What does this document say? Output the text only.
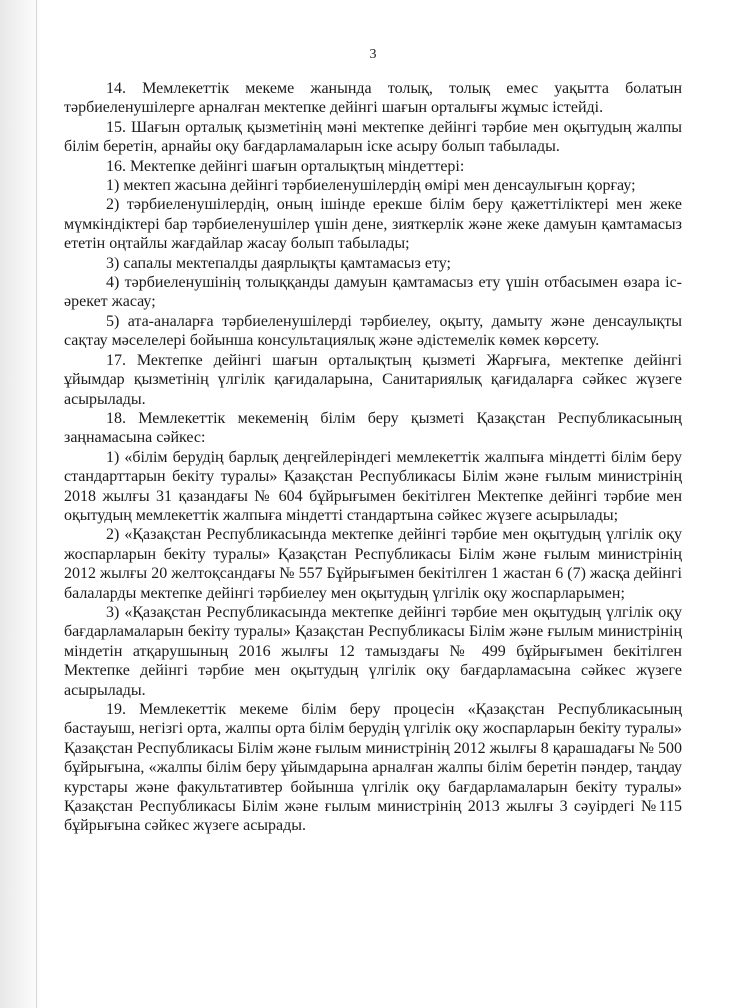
3

14. Мемлекеттік мекеме жанында толық, толық емес уақытта болатын тәрбиеленушілерге арналған мектепке дейінгі шағын орталығы жұмыс істейді.

15. Шағын орталық қызметінің мәні мектепке дейінгі тәрбие мен оқытудың жалпы білім беретін, арнайы оқу бағдарламаларын іске асыру болып табылады.

16. Мектепке дейінгі шағын орталықтың міндеттері:

1) мектеп жасына дейінгі тәрбиеленушілердің өмірі мен денсаулығын қорғау;

2) тәрбиеленушілердің, оның ішінде ерекше білім беру қажеттіліктері мен жеке мүмкіндіктері бар тәрбиеленушілер үшін дене, зияткерлік және жеке дамуын қамтамасыз ететін оңтайлы жағдайлар жасау болып табылады;

3) сапалы мектепалды даярлықты қамтамасыз ету;

4) тәрбиеленушінің толыққанды дамуын қамтамасыз ету үшін отбасымен өзара іс-әрекет жасау;

5) ата-аналарға тәрбиеленушілерді тәрбиелеу, оқыту, дамыту және денсаулықты сақтау мәселелері бойынша консультациялық және әдістемелік көмек көрсету.

17. Мектепке дейінгі шағын орталықтың қызметі Жарғыға, мектепке дейінгі ұйымдар қызметінің үлгілік қағидаларына, Санитариялық қағидаларға сәйкес жүзеге асырылады.

18. Мемлекеттік мекеменің білім беру қызметі Қазақстан Республикасының заңнамасына сәйкес:

1) «білім берудің барлық деңгейлеріндегі мемлекеттік жалпыға міндетті білім беру стандарттарын бекіту туралы» Қазақстан Республикасы Білім және ғылым министрінің 2018 жылғы 31 қазандағы № 604 бұйрығымен бекітілген Мектепке дейінгі тәрбие мен оқытудың мемлекеттік жалпыға міндетті стандартына сәйкес жүзеге асырылады;

2) «Қазақстан Республикасында мектепке дейінгі тәрбие мен оқытудың үлгілік оқу жоспарларын бекіту туралы» Қазақстан Республикасы Білім және ғылым министрінің 2012 жылғы 20 желтоқсандағы № 557 Бұйрығымен бекітілген 1 жастан 6 (7) жасқа дейінгі балаларды мектепке дейінгі тәрбиелеу мен оқытудың үлгілік оқу жоспарларымен;

3) «Қазақстан Республикасында мектепке дейінгі тәрбие мен оқытудың үлгілік оқу бағдарламаларын бекіту туралы» Қазақстан Республикасы Білім және ғылым министрінің міндетін атқарушының 2016 жылғы 12 тамыздағы № 499 бұйрығымен бекітілген Мектепке дейінгі тәрбие мен оқытудың үлгілік оқу бағдарламасына сәйкес жүзеге асырылады.

19. Мемлекеттік мекеме білім беру процесін «Қазақстан Республикасының бастауыш, негізгі орта, жалпы орта білім берудің үлгілік оқу жоспарларын бекіту туралы» Қазақстан Республикасы Білім және ғылым министрінің 2012 жылғы 8 қарашадағы № 500 бұйрығына, «жалпы білім беру ұйымдарына арналған жалпы білім беретін пәндер, таңдау курстары және факультативтер бойынша үлгілік оқу бағдарламаларын бекіту туралы» Қазақстан Республикасы Білім және ғылым министрінің 2013 жылғы 3 сәуірдегі №115 бұйрығына сәйкес жүзеге асырады.
